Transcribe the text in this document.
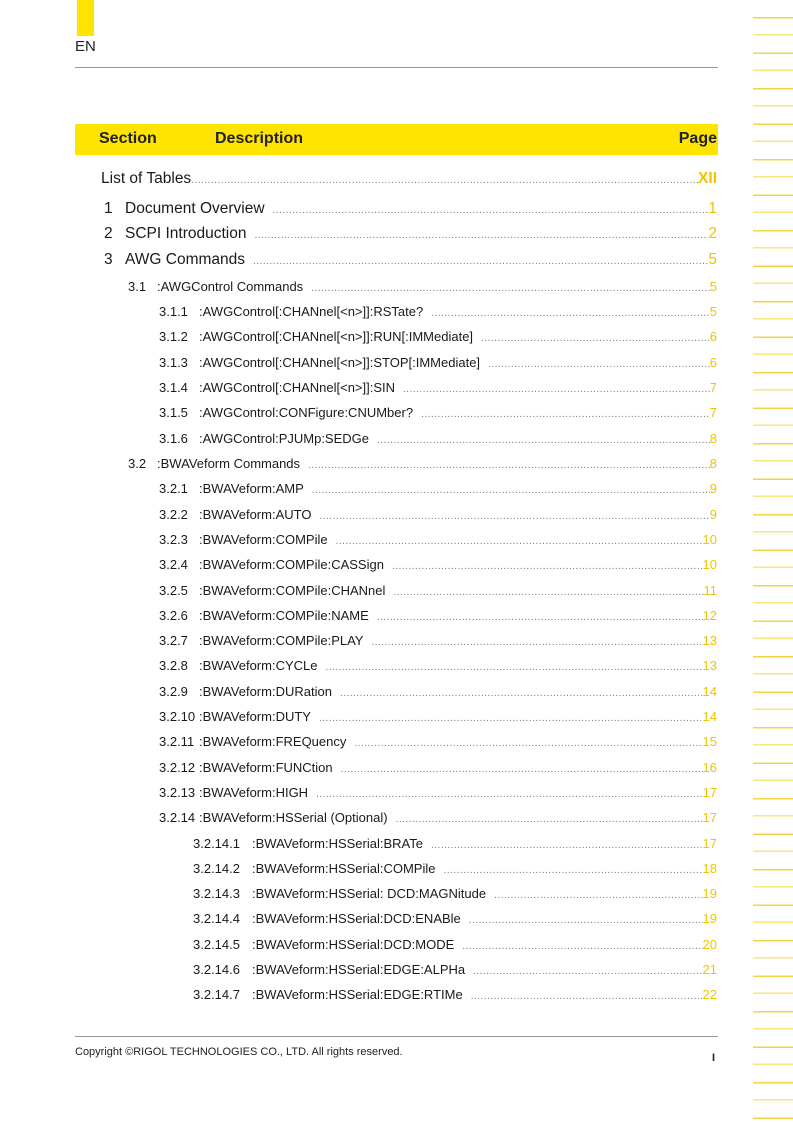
EN
Section	Description	Page
List of Tables .....	XII
1 Document Overview .....	1
2 SCPI Introduction .....	2
3 AWG Commands .....	5
3.1 :AWGControl Commands .....	5
3.1.1 :AWGControl[:CHANnel[<n>]]:RSTate? .....	5
3.1.2 :AWGControl[:CHANnel[<n>]]:RUN[:IMMediate] .....	6
3.1.3 :AWGControl[:CHANnel[<n>]]:STOP[:IMMediate] .....	6
3.1.4 :AWGControl[:CHANnel[<n>]]:SIN .....	7
3.1.5 :AWGControl:CONFigure:CNUMber? .....	7
3.1.6 :AWGControl:PJUMp:SEDGe .....	8
3.2 :BWAVeform Commands .....	8
3.2.1 :BWAVeform:AMP .....	9
3.2.2 :BWAVeform:AUTO .....	9
3.2.3 :BWAVeform:COMPile .....	10
3.2.4 :BWAVeform:COMPile:CASSign .....	10
3.2.5 :BWAVeform:COMPile:CHANnel .....	11
3.2.6 :BWAVeform:COMPile:NAME .....	12
3.2.7 :BWAVeform:COMPile:PLAY .....	13
3.2.8 :BWAVeform:CYCLe .....	13
3.2.9 :BWAVeform:DURation .....	14
3.2.10 :BWAVeform:DUTY .....	14
3.2.11 :BWAVeform:FREQuency .....	15
3.2.12 :BWAVeform:FUNCtion .....	16
3.2.13 :BWAVeform:HIGH .....	17
3.2.14 :BWAVeform:HSSerial (Optional) .....	17
3.2.14.1 :BWAVeform:HSSerial:BRATe .....	17
3.2.14.2 :BWAVeform:HSSerial:COMPile .....	18
3.2.14.3 :BWAVeform:HSSerial: DCD:MAGNitude .....	19
3.2.14.4 :BWAVeform:HSSerial:DCD:ENABle .....	19
3.2.14.5 :BWAVeform:HSSerial:DCD:MODE .....	20
3.2.14.6 :BWAVeform:HSSerial:EDGE:ALPHa .....	21
3.2.14.7 :BWAVeform:HSSerial:EDGE:RTIMe .....	22
Copyright ©RIGOL TECHNOLOGIES CO., LTD. All rights reserved.	I
